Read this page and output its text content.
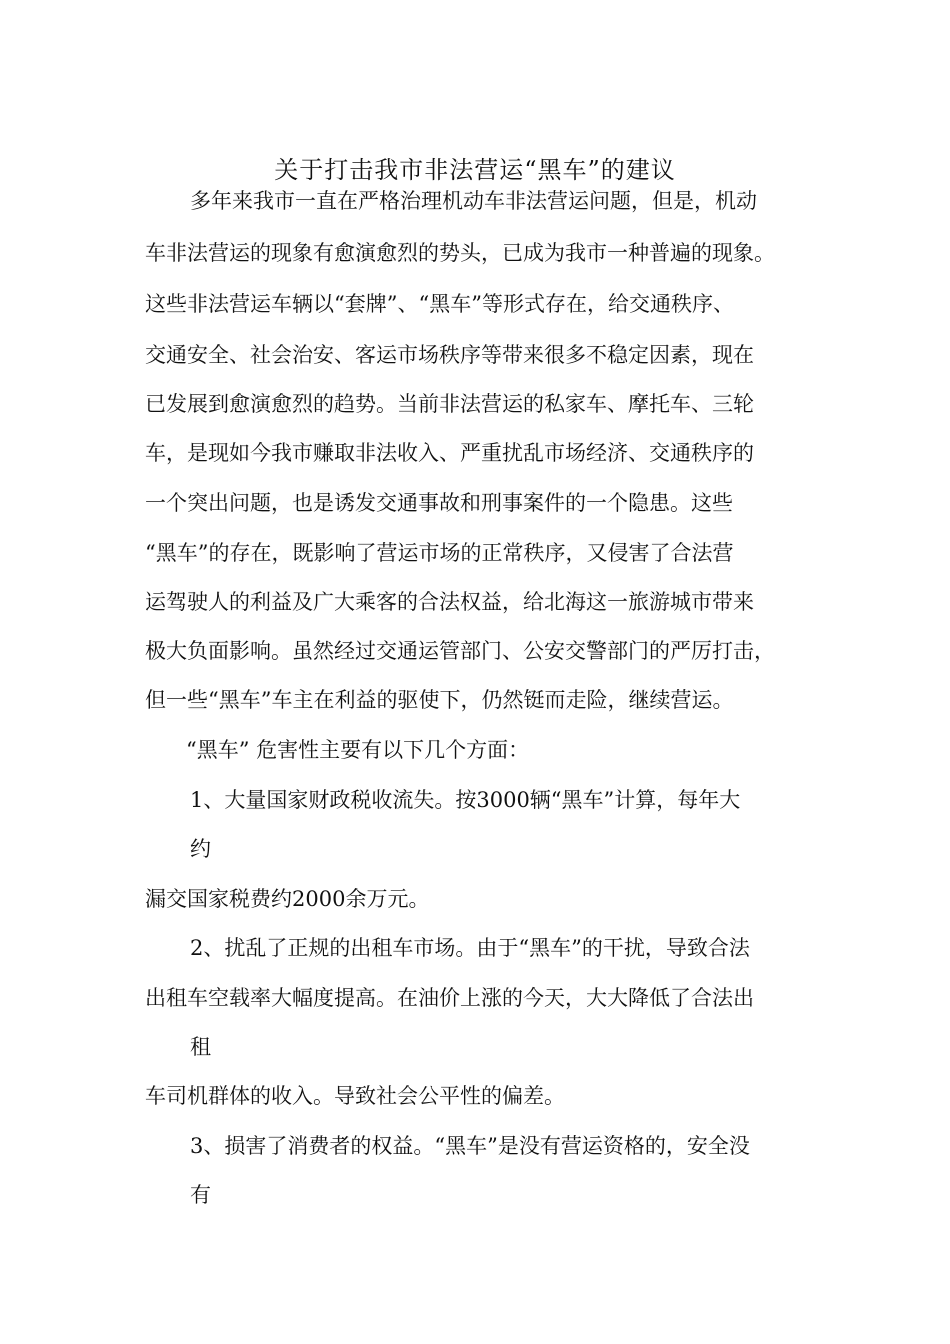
关于打击我市非法营运“黑车”的建议
多年来我市一直在严格治理机动车非法营运问题，但是，机动
车非法营运的现象有愈演愈烈的势头，已成为我市一种普遍的现象。
这些非法营运车辆以“套牌”、“黑车”等形式存在，给交通秩序、
交通安全、社会治安、客运市场秩序等带来很多不稳定因素，现在
已发展到愈演愈烈的趋势。当前非法营运的私家车、摩托车、三轮
车，是现如今我市赚取非法收入、严重扰乱市场经济、交通秩序的
一个突出问题，也是诱发交通事故和刑事案件的一个隐患。这些
“黑车”的存在，既影响了营运市场的正常秩序，又侵害了合法营
运驾驶人的利益及广大乘客的合法权益，给北海这一旅游城市带来
极大负面影响。虽然经过交通运管部门、公安交警部门的严厉打击，
但一些“黑车”车主在利益的驱使下，仍然铤而走险，继续营运。
“黑车” 危害性主要有以下几个方面：
1、大量国家财政税收流失。按3000辆“黑车”计算，每年大
约
漏交国家税费约2000余万元。
2、扰乱了正规的出租车市场。由于“黑车”的干扰，导致合法
出租车空载率大幅度提高。在油价上涨的今天，大大降低了合法出
租
车司机群体的收入。导致社会公平性的偏差。
3、损害了消费者的权益。“黑车”是没有营运资格的，安全没
有
